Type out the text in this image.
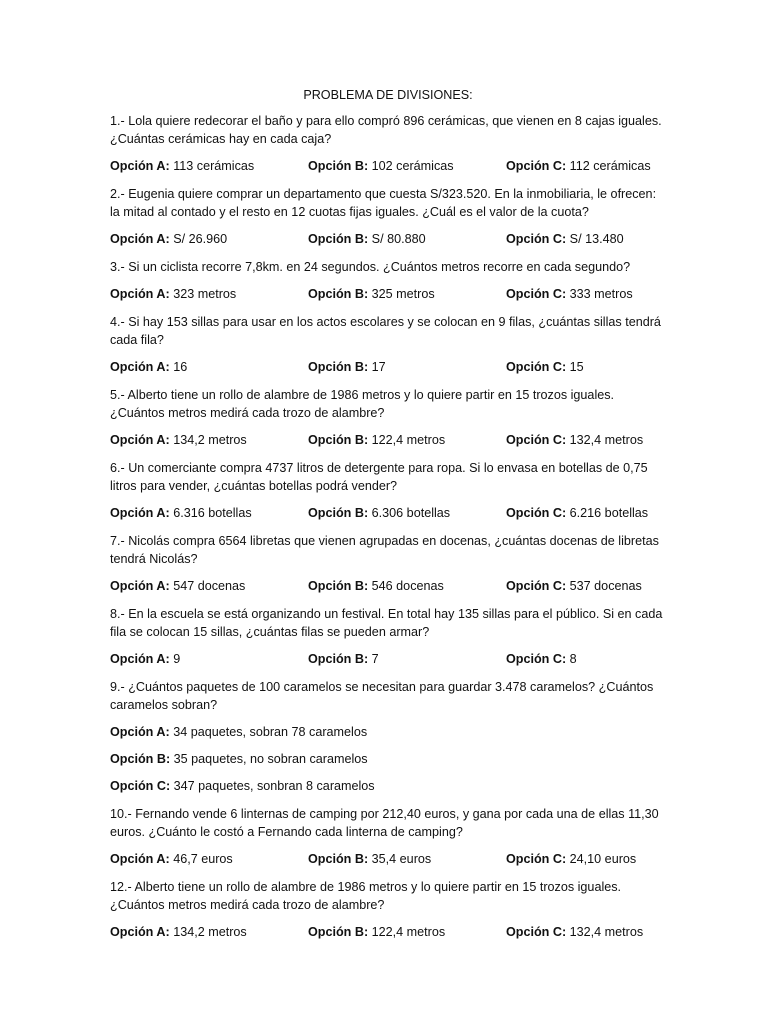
PROBLEMA DE DIVISIONES:
1.- Lola quiere redecorar el baño y para ello compró 896 cerámicas, que vienen en 8 cajas iguales. ¿Cuántas cerámicas hay en cada caja?
Opción A: 113 cerámicas	Opción B: 102 cerámicas	Opción C: 112 cerámicas
2.- Eugenia quiere comprar un departamento que cuesta S/323.520. En la inmobiliaria, le ofrecen: la mitad al contado y el resto en 12 cuotas fijas iguales. ¿Cuál es el valor de la cuota?
Opción A: S/ 26.960	Opción B: S/ 80.880	Opción C: S/ 13.480
3.- Si un ciclista recorre 7,8km. en 24 segundos. ¿Cuántos metros recorre en cada segundo?
Opción A: 323 metros	Opción B: 325 metros	Opción C: 333 metros
4.- Si hay 153 sillas para usar en los actos escolares y se colocan en 9 filas, ¿cuántas sillas tendrá cada fila?
Opción A: 16	Opción B: 17	Opción C: 15
5.- Alberto tiene un rollo de alambre de 1986 metros y lo quiere partir en 15 trozos iguales. ¿Cuántos metros medirá cada trozo de alambre?
Opción A: 134,2 metros	Opción B: 122,4 metros	Opción C: 132,4 metros
6.- Un comerciante compra 4737 litros de detergente para ropa. Si lo envasa en botellas de 0,75 litros para vender, ¿cuántas botellas podrá vender?
Opción A: 6.316 botellas	Opción B: 6.306 botellas	Opción C: 6.216 botellas
7.- Nicolás compra 6564 libretas que vienen agrupadas en docenas, ¿cuántas docenas de libretas tendrá Nicolás?
Opción A: 547 docenas	Opción B: 546 docenas	Opción C: 537 docenas
8.- En la escuela se está organizando un festival. En total hay 135 sillas para el público. Si en cada fila se colocan 15 sillas, ¿cuántas filas se pueden armar?
Opción A: 9	Opción B: 7	Opción C: 8
9.- ¿Cuántos paquetes de 100 caramelos se necesitan para guardar 3.478 caramelos? ¿Cuántos caramelos sobran?
Opción A: 34 paquetes, sobran 78 caramelos
Opción B: 35 paquetes, no sobran caramelos
Opción C: 347 paquetes, sonbran 8 caramelos
10.- Fernando vende 6 linternas de camping por 212,40 euros, y gana por cada una de ellas 11,30 euros. ¿Cuánto le costó a Fernando cada linterna de camping?
Opción A: 46,7 euros	Opción B: 35,4 euros	Opción C: 24,10 euros
12.- Alberto tiene un rollo de alambre de 1986 metros y lo quiere partir en 15 trozos iguales. ¿Cuántos metros medirá cada trozo de alambre?
Opción A: 134,2 metros	Opción B: 122,4 metros	Opción C: 132,4 metros
